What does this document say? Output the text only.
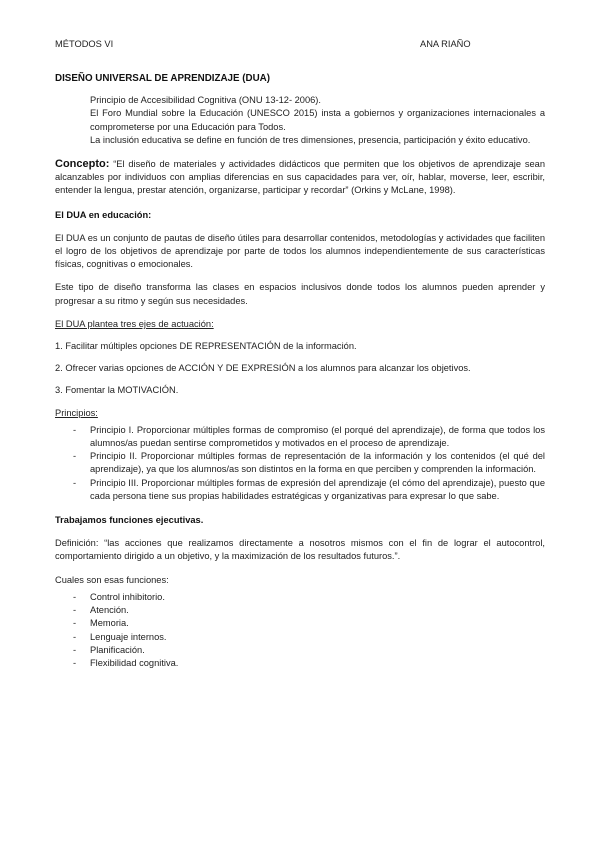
MÉTODOS VI	ANA RIAÑO
DISEÑO UNIVERSAL DE APRENDIZAJE (DUA)

Principio de Accesibilidad Cognitiva (ONU 13-12- 2006).

El Foro Mundial sobre la Educación (UNESCO 2015) insta a gobiernos y organizaciones internacionales a comprometerse por una Educación para Todos.

La inclusión educativa se define en función de tres dimensiones, presencia, participación y éxito educativo.

Concepto: “El diseño de materiales y actividades didácticos que permiten que los objetivos de aprendizaje sean alcanzables por individuos con amplias diferencias en sus capacidades para ver, oír, hablar, moverse, leer, escribir, entender la lengua, prestar atención, organizarse, participar y recordar” (Orkins y McLane, 1998).

El DUA en educación:

El DUA es un conjunto de pautas de diseño útiles para desarrollar contenidos, metodologías y actividades que faciliten el logro de los objetivos de aprendizaje por parte de todos los alumnos independientemente de sus características físicas, cognitivas o emocionales.

Este tipo de diseño transforma las clases en espacios inclusivos donde todos los alumnos pueden aprender y progresar a su ritmo y según sus necesidades.

El DUA plantea tres ejes de actuación:

1. Facilitar múltiples opciones DE REPRESENTACIÓN de la información.

2. Ofrecer varias opciones de ACCIÓN Y DE EXPRESIÓN a los alumnos para alcanzar los objetivos.

3. Fomentar la MOTIVACIÓN.

Principios:

- Principio I. Proporcionar múltiples formas de compromiso (el porqué del aprendizaje), de forma que todos los alumnos/as puedan sentirse comprometidos y motivados en el proceso de aprendizaje.
- Principio II. Proporcionar múltiples formas de representación de la información y los contenidos (el qué del aprendizaje), ya que los alumnos/as son distintos en la forma en que perciben y comprenden la información.
- Principio III. Proporcionar múltiples formas de expresión del aprendizaje (el cómo del aprendizaje), puesto que cada persona tiene sus propias habilidades estratégicas y organizativas para expresar lo que sabe.

Trabajamos funciones ejecutivas.

Definición: “las acciones que realizamos directamente a nosotros mismos con el fin de lograr el autocontrol, comportamiento dirigido a un objetivo, y la maximización de los resultados futuros.”.

Cuales son esas funciones:

- Control inhibitorio.
- Atención.
- Memoria.
- Lenguaje internos.
- Planificación.
- Flexibilidad cognitiva.
